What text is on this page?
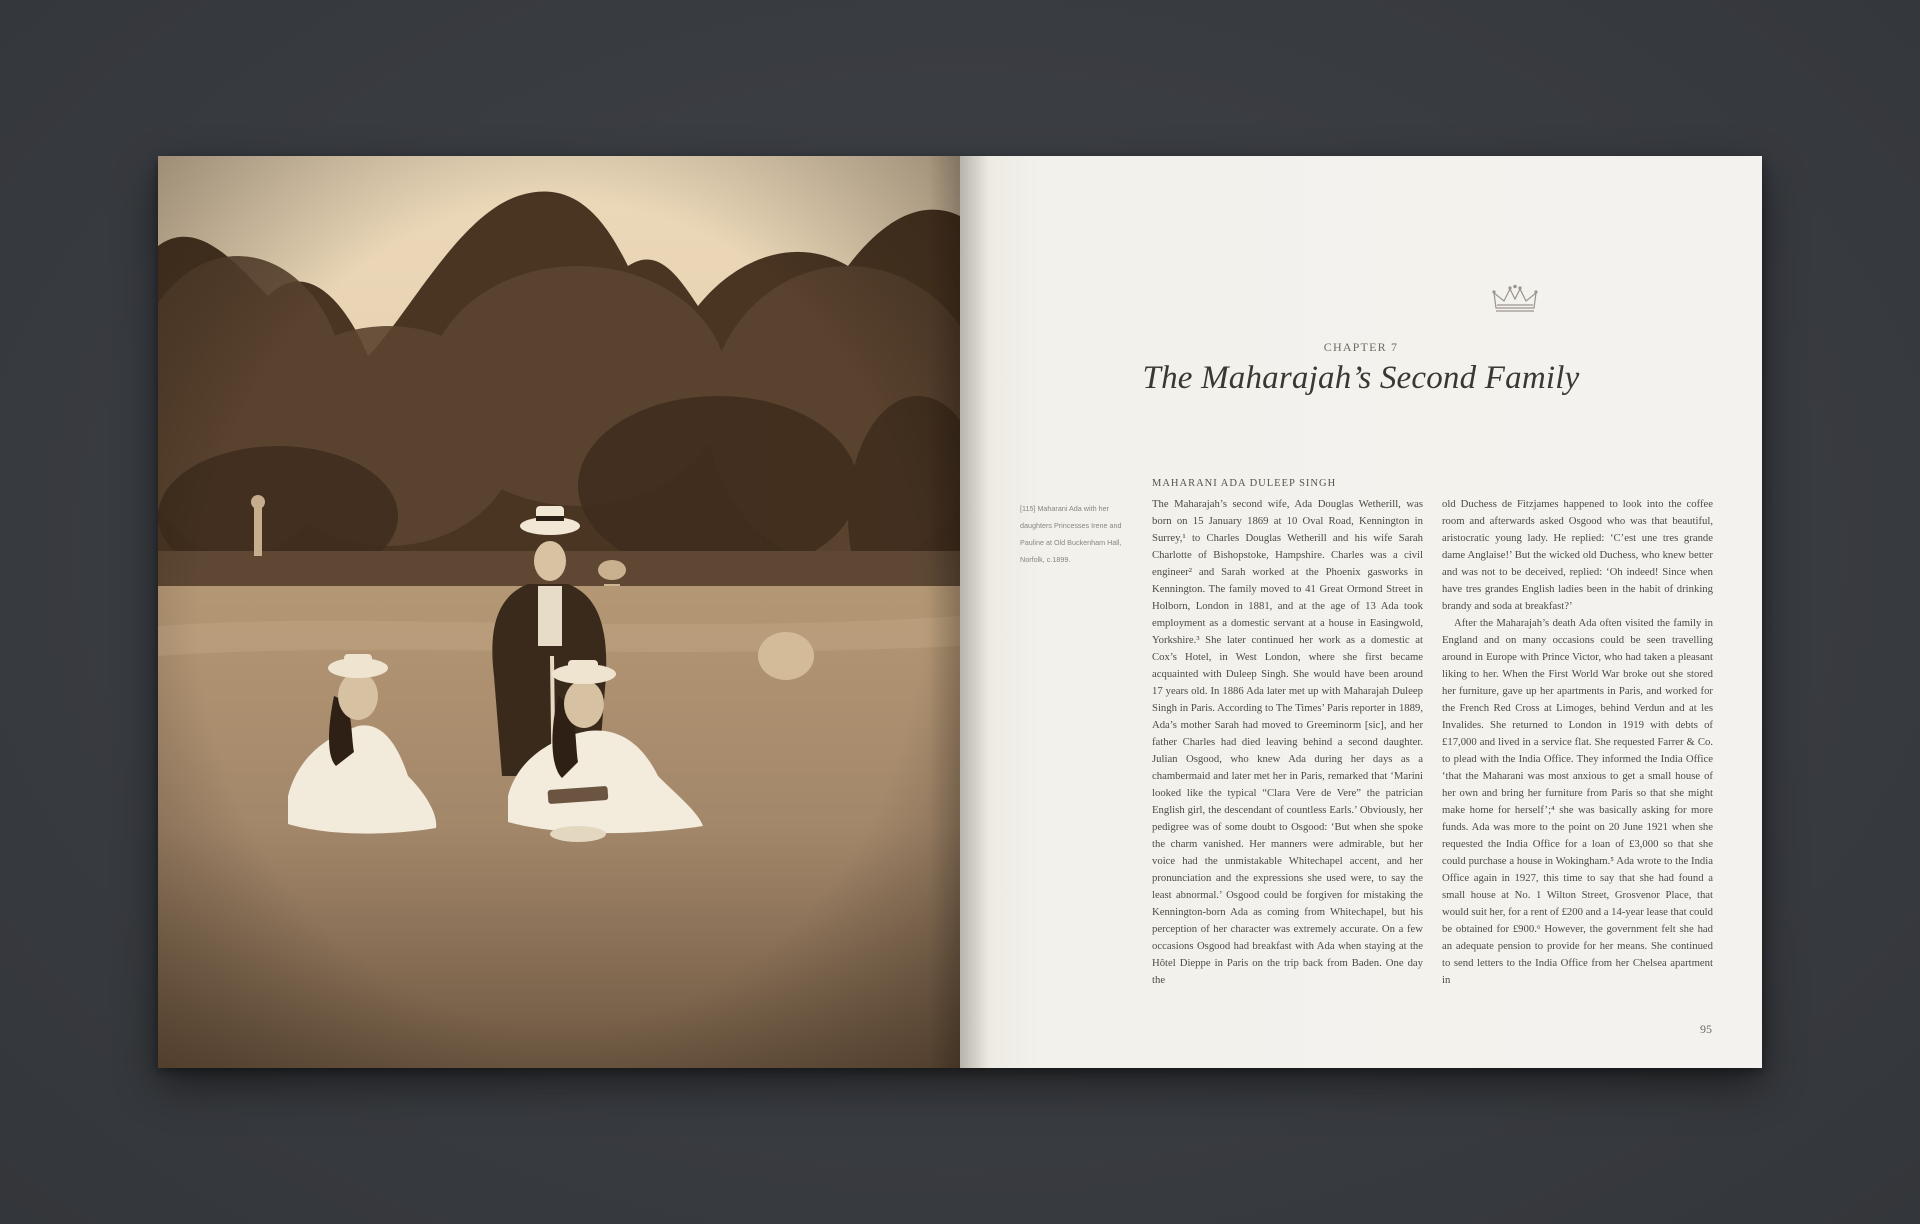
CHAPTER 7
The Maharajah’s Second Family
[115] Maharani Ada with her daughters Princesses Irene and Pauline at Old Buckenham Hall, Norfolk, c.1899.
MAHARANI ADA DULEEP SINGH

The Maharajah’s second wife, Ada Douglas Wetherill, was born on 15 January 1869 at 10 Oval Road, Kennington in Surrey,¹ to Charles Douglas Wetherill and his wife Sarah Charlotte of Bishopstoke, Hampshire. Charles was a civil engineer² and Sarah worked at the Phoenix gasworks in Kennington. The family moved to 41 Great Ormond Street in Holborn, London in 1881, and at the age of 13 Ada took employment as a domestic servant at a house in Easingwold, Yorkshire.³ She later continued her work as a domestic at Cox’s Hotel, in West London, where she first became acquainted with Duleep Singh. She would have been around 17 years old. In 1886 Ada later met up with Maharajah Duleep Singh in Paris. According to The Times’ Paris reporter in 1889, Ada’s mother Sarah had moved to Greeminorm [sic], and her father Charles had died leaving behind a second daughter. Julian Osgood, who knew Ada during her days as a chambermaid and later met her in Paris, remarked that ‘Marini looked like the typical “Clara Vere de Vere” the patrician English girl, the descendant of countless Earls.’ Obviously, her pedigree was of some doubt to Osgood: ‘But when she spoke the charm vanished. Her manners were admirable, but her voice had the unmistakable Whitechapel accent, and her pronunciation and the expressions she used were, to say the least abnormal.’ Osgood could be forgiven for mistaking the Kennington-born Ada as coming from Whitechapel, but his perception of her character was extremely accurate. On a few occasions Osgood had breakfast with Ada when staying at the Hôtel Dieppe in Paris on the trip back from Baden. One day the

old Duchess de Fitzjames happened to look into the coffee room and afterwards asked Osgood who was that beautiful, aristocratic young lady. He replied: ‘C’est une tres grande dame Anglaise!’ But the wicked old Duchess, who knew better and was not to be deceived, replied: ‘Oh indeed! Since when have tres grandes English ladies been in the habit of drinking brandy and soda at breakfast?’

After the Maharajah’s death Ada often visited the family in England and on many occasions could be seen travelling around in Europe with Prince Victor, who had taken a pleasant liking to her. When the First World War broke out she stored her furniture, gave up her apartments in Paris, and worked for the French Red Cross at Limoges, behind Verdun and at les Invalides. She returned to London in 1919 with debts of £17,000 and lived in a service flat. She requested Farrer & Co. to plead with the India Office. They informed the India Office ‘that the Maharani was most anxious to get a small house of her own and bring her furniture from Paris so that she might make home for herself’;⁴ she was basically asking for more funds. Ada was more to the point on 20 June 1921 when she requested the India Office for a loan of £3,000 so that she could purchase a house in Wokingham.⁵ Ada wrote to the India Office again in 1927, this time to say that she had found a small house at No. 1 Wilton Street, Grosvenor Place, that would suit her, for a rent of £200 and a 14-year lease that could be obtained for £900.⁶ However, the government felt she had an adequate pension to provide for her means. She continued to send letters to the India Office from her Chelsea apartment in

95
